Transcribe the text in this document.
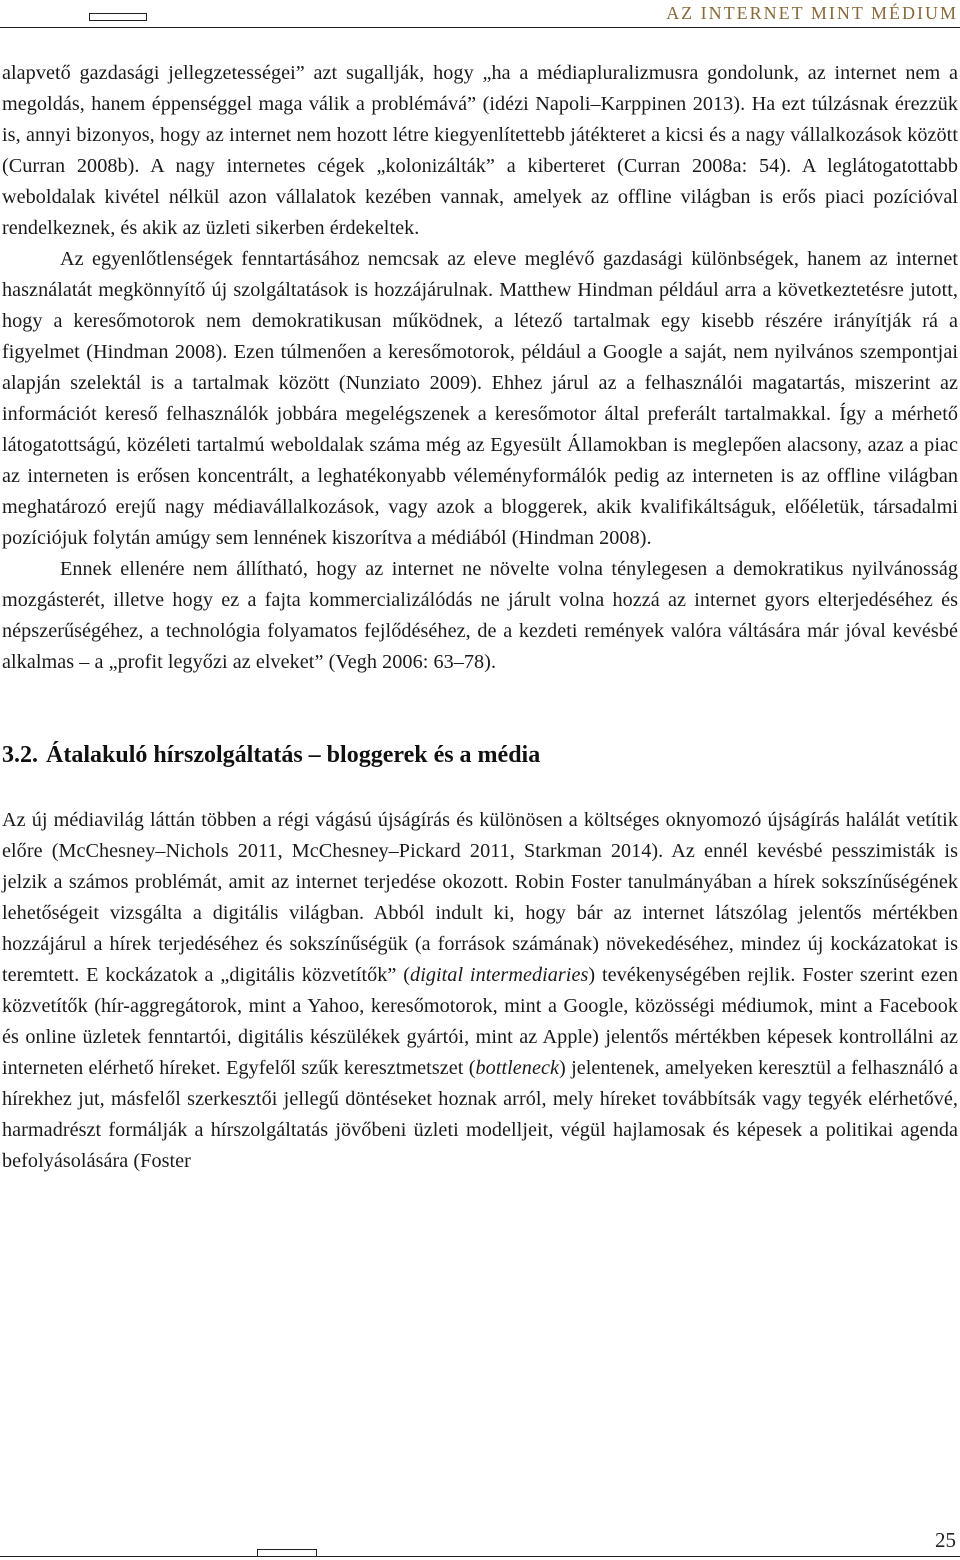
AZ INTERNET MINT MÉDIUM

alapvető gazdasági jellegzetességei” azt sugallják, hogy „ha a médiapluralizmusra gondolunk, az internet nem a megoldás, hanem éppenséggel maga válik a problémává” (idézi Napoli–Karppinen 2013). Ha ezt túlzásnak érezzük is, annyi bizonyos, hogy az internet nem hozott létre kiegyenlítettebb játékteret a kicsi és a nagy vállalkozások között (Curran 2008b). A nagy internetes cégek „kolonizálták” a kiberteret (Curran 2008a: 54). A leglátogatottabb weboldalak kivétel nélkül azon vállalatok kezében vannak, amelyek az offline világban is erős piaci pozícióval rendelkeznek, és akik az üzleti sikerben érdekeltek.

Az egyenlőtlenségek fenntartásához nemcsak az eleve meglévő gazdasági különbségek, hanem az internet használatát megkönnyítő új szolgáltatások is hozzájárulnak. Matthew Hindman például arra a következtetésre jutott, hogy a keresőmotorok nem demokratikusan működnek, a létező tartalmak egy kisebb részére irányítják rá a figyelmet (Hindman 2008). Ezen túlmenően a keresőmotorok, például a Google a saját, nem nyilvános szempontjai alapján szelektál is a tartalmak között (Nunziato 2009). Ehhez járul az a felhasználói magatartás, miszerint az információt kereső felhasználók jobbára megelégszenek a keresőmotor által preferált tartalmakkal. Így a mérhető látogatottságú, közéleti tartalmú weboldalak száma még az Egyesült Államokban is meglepően alacsony, azaz a piac az interneten is erősen koncentrált, a leghatékonyabb véleményformálók pedig az interneten is az offline világban meghatározó erejű nagy médiavállalkozások, vagy azok a bloggerek, akik kvalifikáltságuk, előéletük, társadalmi pozíciójuk folytán amúgy sem lennének kiszorítva a médiából (Hindman 2008).

Ennek ellenére nem állítható, hogy az internet ne növelte volna ténylegesen a demokratikus nyilvánosság mozgásterét, illetve hogy ez a fajta kommercializálódás ne járult volna hozzá az internet gyors elterjedéséhez és népszerűségéhez, a technológia folyamatos fejlődéséhez, de a kezdeti remények valóra váltására már jóval kevésbé alkalmas – a „profit legyőzi az elveket” (Vegh 2006: 63–78).

3.2. Átalakuló hírszolgáltatás – bloggerek és a média

Az új médiavilág láttán többen a régi vágású újságírás és különösen a költséges oknyomozó újságírás halálát vetítik előre (McChesney–Nichols 2011, McChesney–Pickard 2011, Starkman 2014). Az ennél kevésbé pesszimisták is jelzik a számos problémát, amit az internet terjedése okozott. Robin Foster tanulmányában a hírek sokszínűségének lehetőségeit vizsgálta a digitális világban. Abból indult ki, hogy bár az internet látszólag jelentős mértékben hozzájárul a hírek terjedéséhez és sokszínűségük (a források számának) növekedéséhez, mindez új kockázatokat is teremtett. E kockázatok a „digitális közvetítők” (digital intermediaries) tevékenységében rejlik. Foster szerint ezen közvetítők (hír-aggregátorok, mint a Yahoo, keresőmotorok, mint a Google, közösségi médiumok, mint a Facebook és online üzletek fenntartói, digitális készülékek gyártói, mint az Apple) jelentős mértékben képesek kontrollálni az interneten elérhető híreket. Egyfelől szűk keresztmetszet (bottleneck) jelentenek, amelyeken keresztül a felhasználó a hírekhez jut, másfelől szerkesztői jellegű döntéseket hoznak arról, mely híreket továbbítsák vagy tegyék elérhetővé, harmadrészt formálják a hírszolgáltatás jövőbeni üzleti modelljeit, végül hajlamosak és képesek a politikai agenda befolyásolására (Foster

25
